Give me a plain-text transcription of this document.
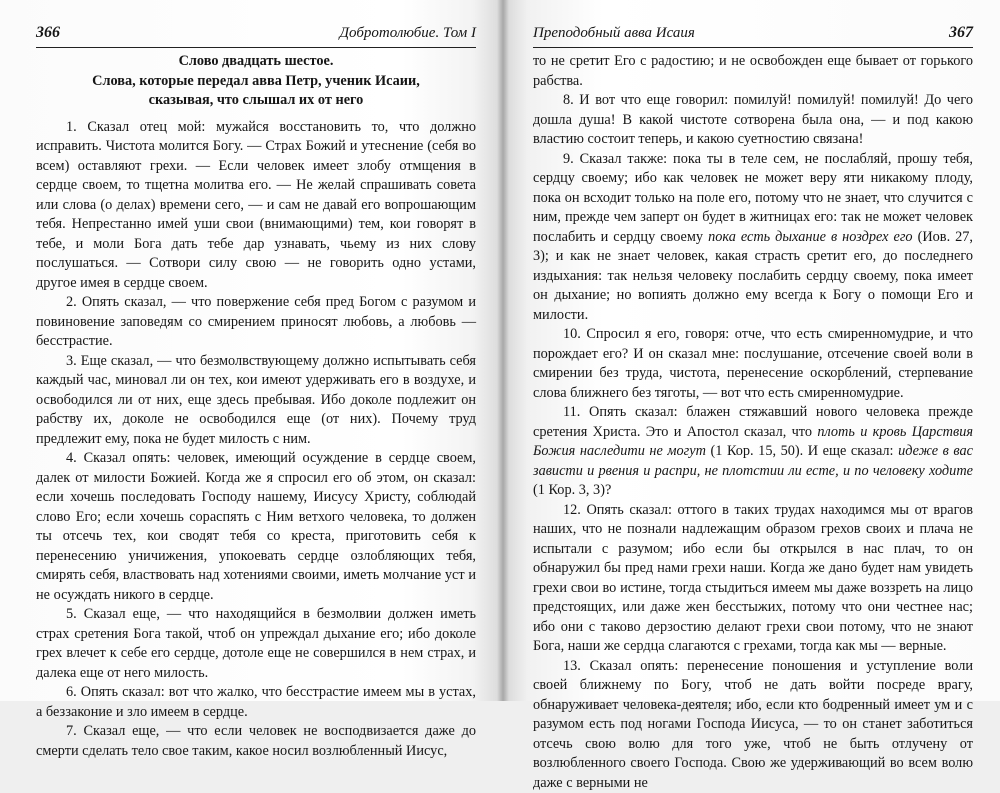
366	Добротолюбие. Том I
Слово двадцать шестое.
Слова, которые передал авва Петр, ученик Исаии,
сказывая, что слышал их от него

1. Сказал отец мой: мужайся восстановить то, что должно исправить. Чистота молится Богу. — Страх Божий и утеснение (себя во всем) оставляют грехи. — Если человек имеет злобу отмщения в сердце своем, то тщетна молитва его. — Не желай спрашивать совета или слова (о делах) времени сего, — и сам не давай его вопрошающим тебя. Непрестанно имей уши свои (внимающими) тем, кои говорят в тебе, и моли Бога дать тебе дар узнавать, чьему из них слову послушаться. — Сотвори силу свою — не говорить одно устами, другое имея в сердце своем.

2. Опять сказал, — что повержение себя пред Богом с разумом и повиновение заповедям со смирением приносят любовь, а любовь — бесстрастие.

3. Еще сказал, — что безмолвствующему должно испытывать себя каждый час, миновал ли он тех, кои имеют удерживать его в воздухе, и освободился ли от них, еще здесь пребывая. Ибо доколе подлежит он рабству их, доколе не освободился еще (от них). Почему труд предлежит ему, пока не будет милость с ним.

4. Сказал опять: человек, имеющий осуждение в сердце своем, далек от милости Божией. Когда же я спросил его об этом, он сказал: если хочешь последовать Господу нашему, Иисусу Христу, соблюдай слово Его; если хочешь сораспять с Ним ветхого человека, то должен ты отсечь тех, кои сводят тебя со креста, приготовить себя к перенесению уничижения, упокоевать сердце озлобляющих тебя, смирять себя, властвовать над хотениями своими, иметь молчание уст и не осуждать никого в сердце.

5. Сказал еще, — что находящийся в безмолвии должен иметь страх сретения Бога такой, чтоб он упреждал дыхание его; ибо доколе грех влечет к себе его сердце, дотоле еще не совершился в нем страх, и далека еще от него милость.

6. Опять сказал: вот что жалко, что бесстрастие имеем мы в устах, а беззаконие и зло имеем в сердце.

7. Сказал еще, — что если человек не восподвизается даже до смерти сделать тело свое таким, какое носил возлюбленный Иисус,

Преподобный авва Исаия	367

то не сретит Его с радостию; и не освобожден еще бывает от горького рабства.

8. И вот что еще говорил: помилуй! помилуй! помилуй! До чего дошла душа! В какой чистоте сотворена была она, — и под какою властию состоит теперь, и какою суетностию связана!

9. Сказал также: пока ты в теле сем, не послабляй, прошу тебя, сердцу своему; ибо как человек не может веру яти никакому плоду, пока он всходит только на поле его, потому что не знает, что случится с ним, прежде чем заперт он будет в житницах его: так не может человек послабить и сердцу своему пока есть дыхание в ноздрех его (Иов. 27, 3); и как не знает человек, какая страсть сретит его, до последнего издыхания: так нельзя человеку послабить сердцу своему, пока имеет он дыхание; но вопиять должно ему всегда к Богу о помощи Его и милости.

10. Спросил я его, говоря: отче, что есть смиренномудрие, и что порождает его? И он сказал мне: послушание, отсечение своей воли в смирении без труда, чистота, перенесение оскорблений, стерпевание слова ближнего без тяготы, — вот что есть смиренномудрие.

11. Опять сказал: блажен стяжавший нового человека прежде сретения Христа. Это и Апостол сказал, что плоть и кровь Царствия Божия наследити не могут (1 Кор. 15, 50). И еще сказал: идеже в вас зависти и рвения и распри, не плотстии ли есте, и по человеку ходите (1 Кор. 3, 3)?

12. Опять сказал: оттого в таких трудах находимся мы от врагов наших, что не познали надлежащим образом грехов своих и плача не испытали с разумом; ибо если бы открылся в нас плач, то он обнаружил бы пред нами грехи наши. Когда же дано будет нам увидеть грехи свои во истине, тогда стыдиться имеем мы даже воззреть на лицо предстоящих, или даже жен бесстыжих, потому что они честнее нас; ибо они с таково дерзостию делают грехи свои потому, что не знают Бога, наши же сердца слагаются с грехами, тогда как мы — верные.

13. Сказал опять: перенесение поношения и уступление воли своей ближнему по Богу, чтоб не дать войти посреде врагу, обнаруживает человека-деятеля; ибо, если кто бодренный имеет ум и с разумом есть под ногами Господа Иисуса, — то он станет заботиться отсечь свою волю для того уже, чтоб не быть отлучену от возлюбленного своего Господа. Свою же удерживающий во всем волю даже с верными не
